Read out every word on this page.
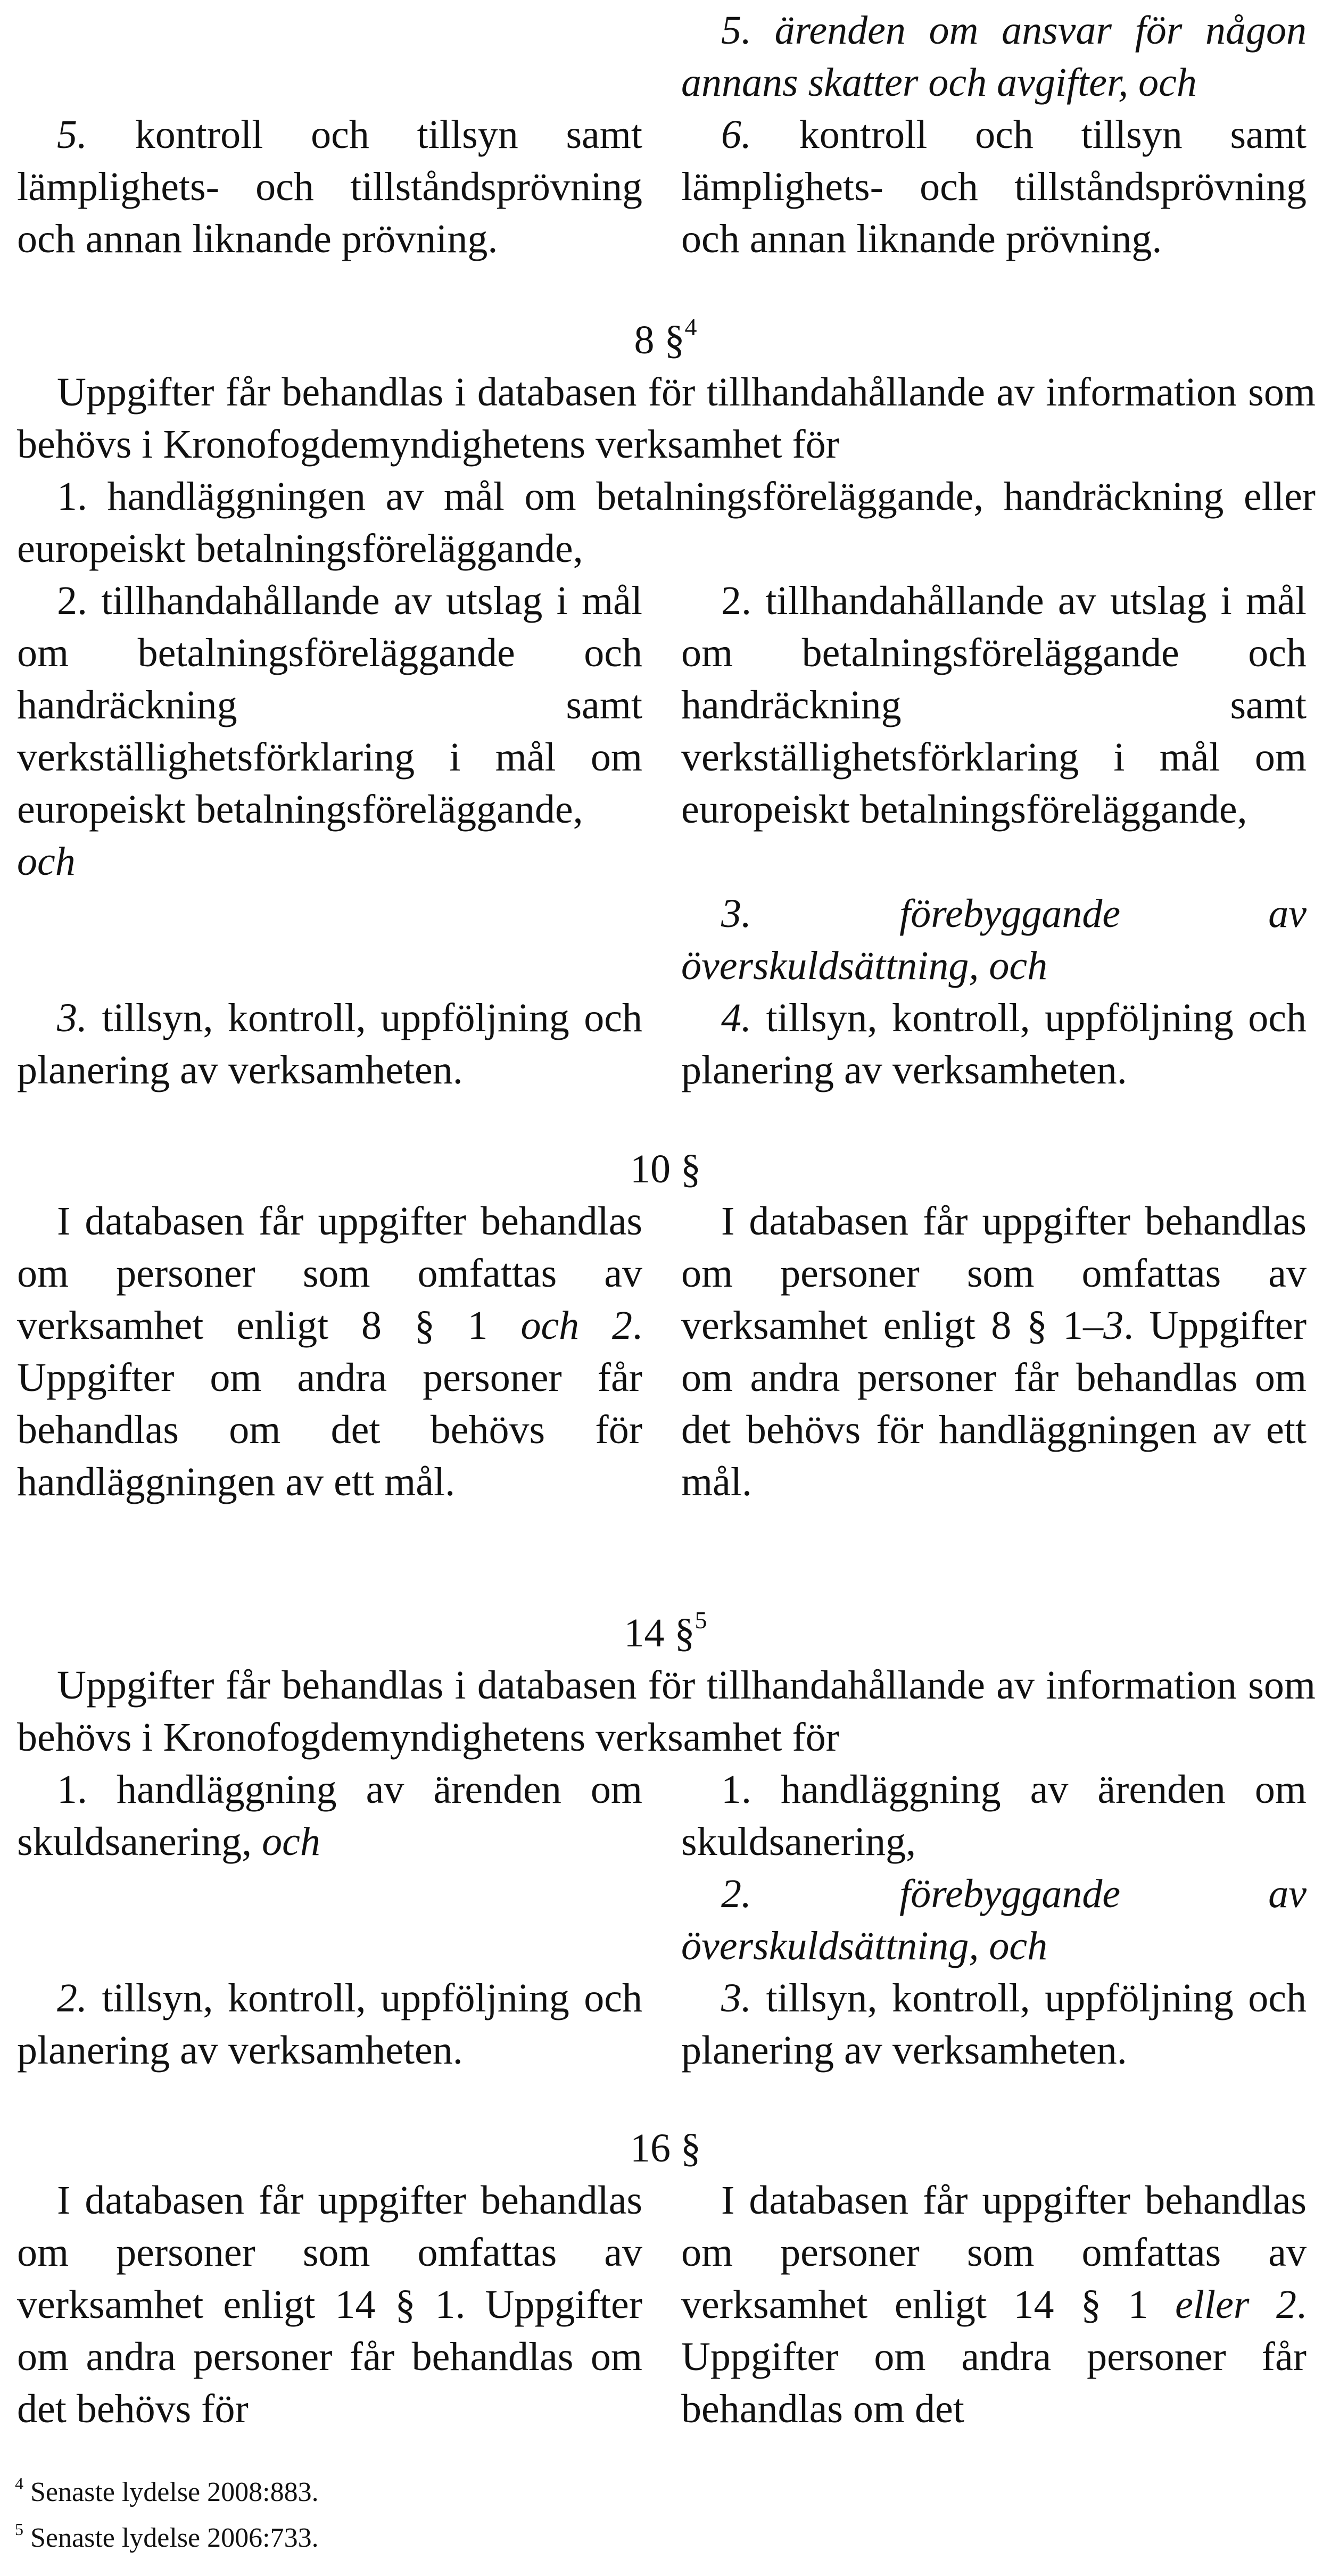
5. ärenden om ansvar för någon annans skatter och avgifter, och

5. kontroll och tillsyn samt lämplighets- och tillståndsprövning och annan liknande prövning.

6. kontroll och tillsyn samt lämplighets- och tillståndsprövning och annan liknande prövning.

8 §$^4$

Uppgifter får behandlas i databasen för tillhandahållande av information som behövs i Kronofogdemyndighetens verksamhet för

1. handläggningen av mål om betalningsföreläggande, handräckning eller europeiskt betalningsföreläggande,

2. tillhandahållande av utslag i mål om betalningsföreläggande och handräckning samt verkställighetsförklaring i mål om europeiskt betalningsföreläggande,

och

2. tillhandahållande av utslag i mål om betalningsföreläggande och handräckning samt verkställighetsförklaring i mål om europeiskt betalningsföreläggande,

3. förebyggande av överskuldsättning, och

3. tillsyn, kontroll, uppföljning och planering av verksamheten.

4. tillsyn, kontroll, uppföljning och planering av verksamheten.

10 §

I databasen får uppgifter behandlas om personer som omfattas av verksamhet enligt 8 § 1 och 2. Uppgifter om andra personer får behandlas om det behövs för handläggningen av ett mål.

I databasen får uppgifter behandlas om personer som omfattas av verksamhet enligt 8 § 1–3. Uppgifter om andra personer får behandlas om det behövs för handläggningen av ett mål.

14 §$^5$

Uppgifter får behandlas i databasen för tillhandahållande av information som behövs i Kronofogdemyndighetens verksamhet för

1. handläggning av ärenden om skuldsanering, och

1. handläggning av ärenden om skuldsanering,

2. förebyggande av överskuldsättning, och

2. tillsyn, kontroll, uppföljning och planering av verksamheten.

3. tillsyn, kontroll, uppföljning och planering av verksamheten.

16 §

I databasen får uppgifter behandlas om personer som omfattas av verksamhet enligt 14 § 1. Uppgifter om andra personer får behandlas om det behövs för

I databasen får uppgifter behandlas om personer som omfattas av verksamhet enligt 14 § 1 eller 2. Uppgifter om andra personer får behandlas om det

$^4$ Senaste lydelse 2008:883.
$^5$ Senaste lydelse 2006:733.
